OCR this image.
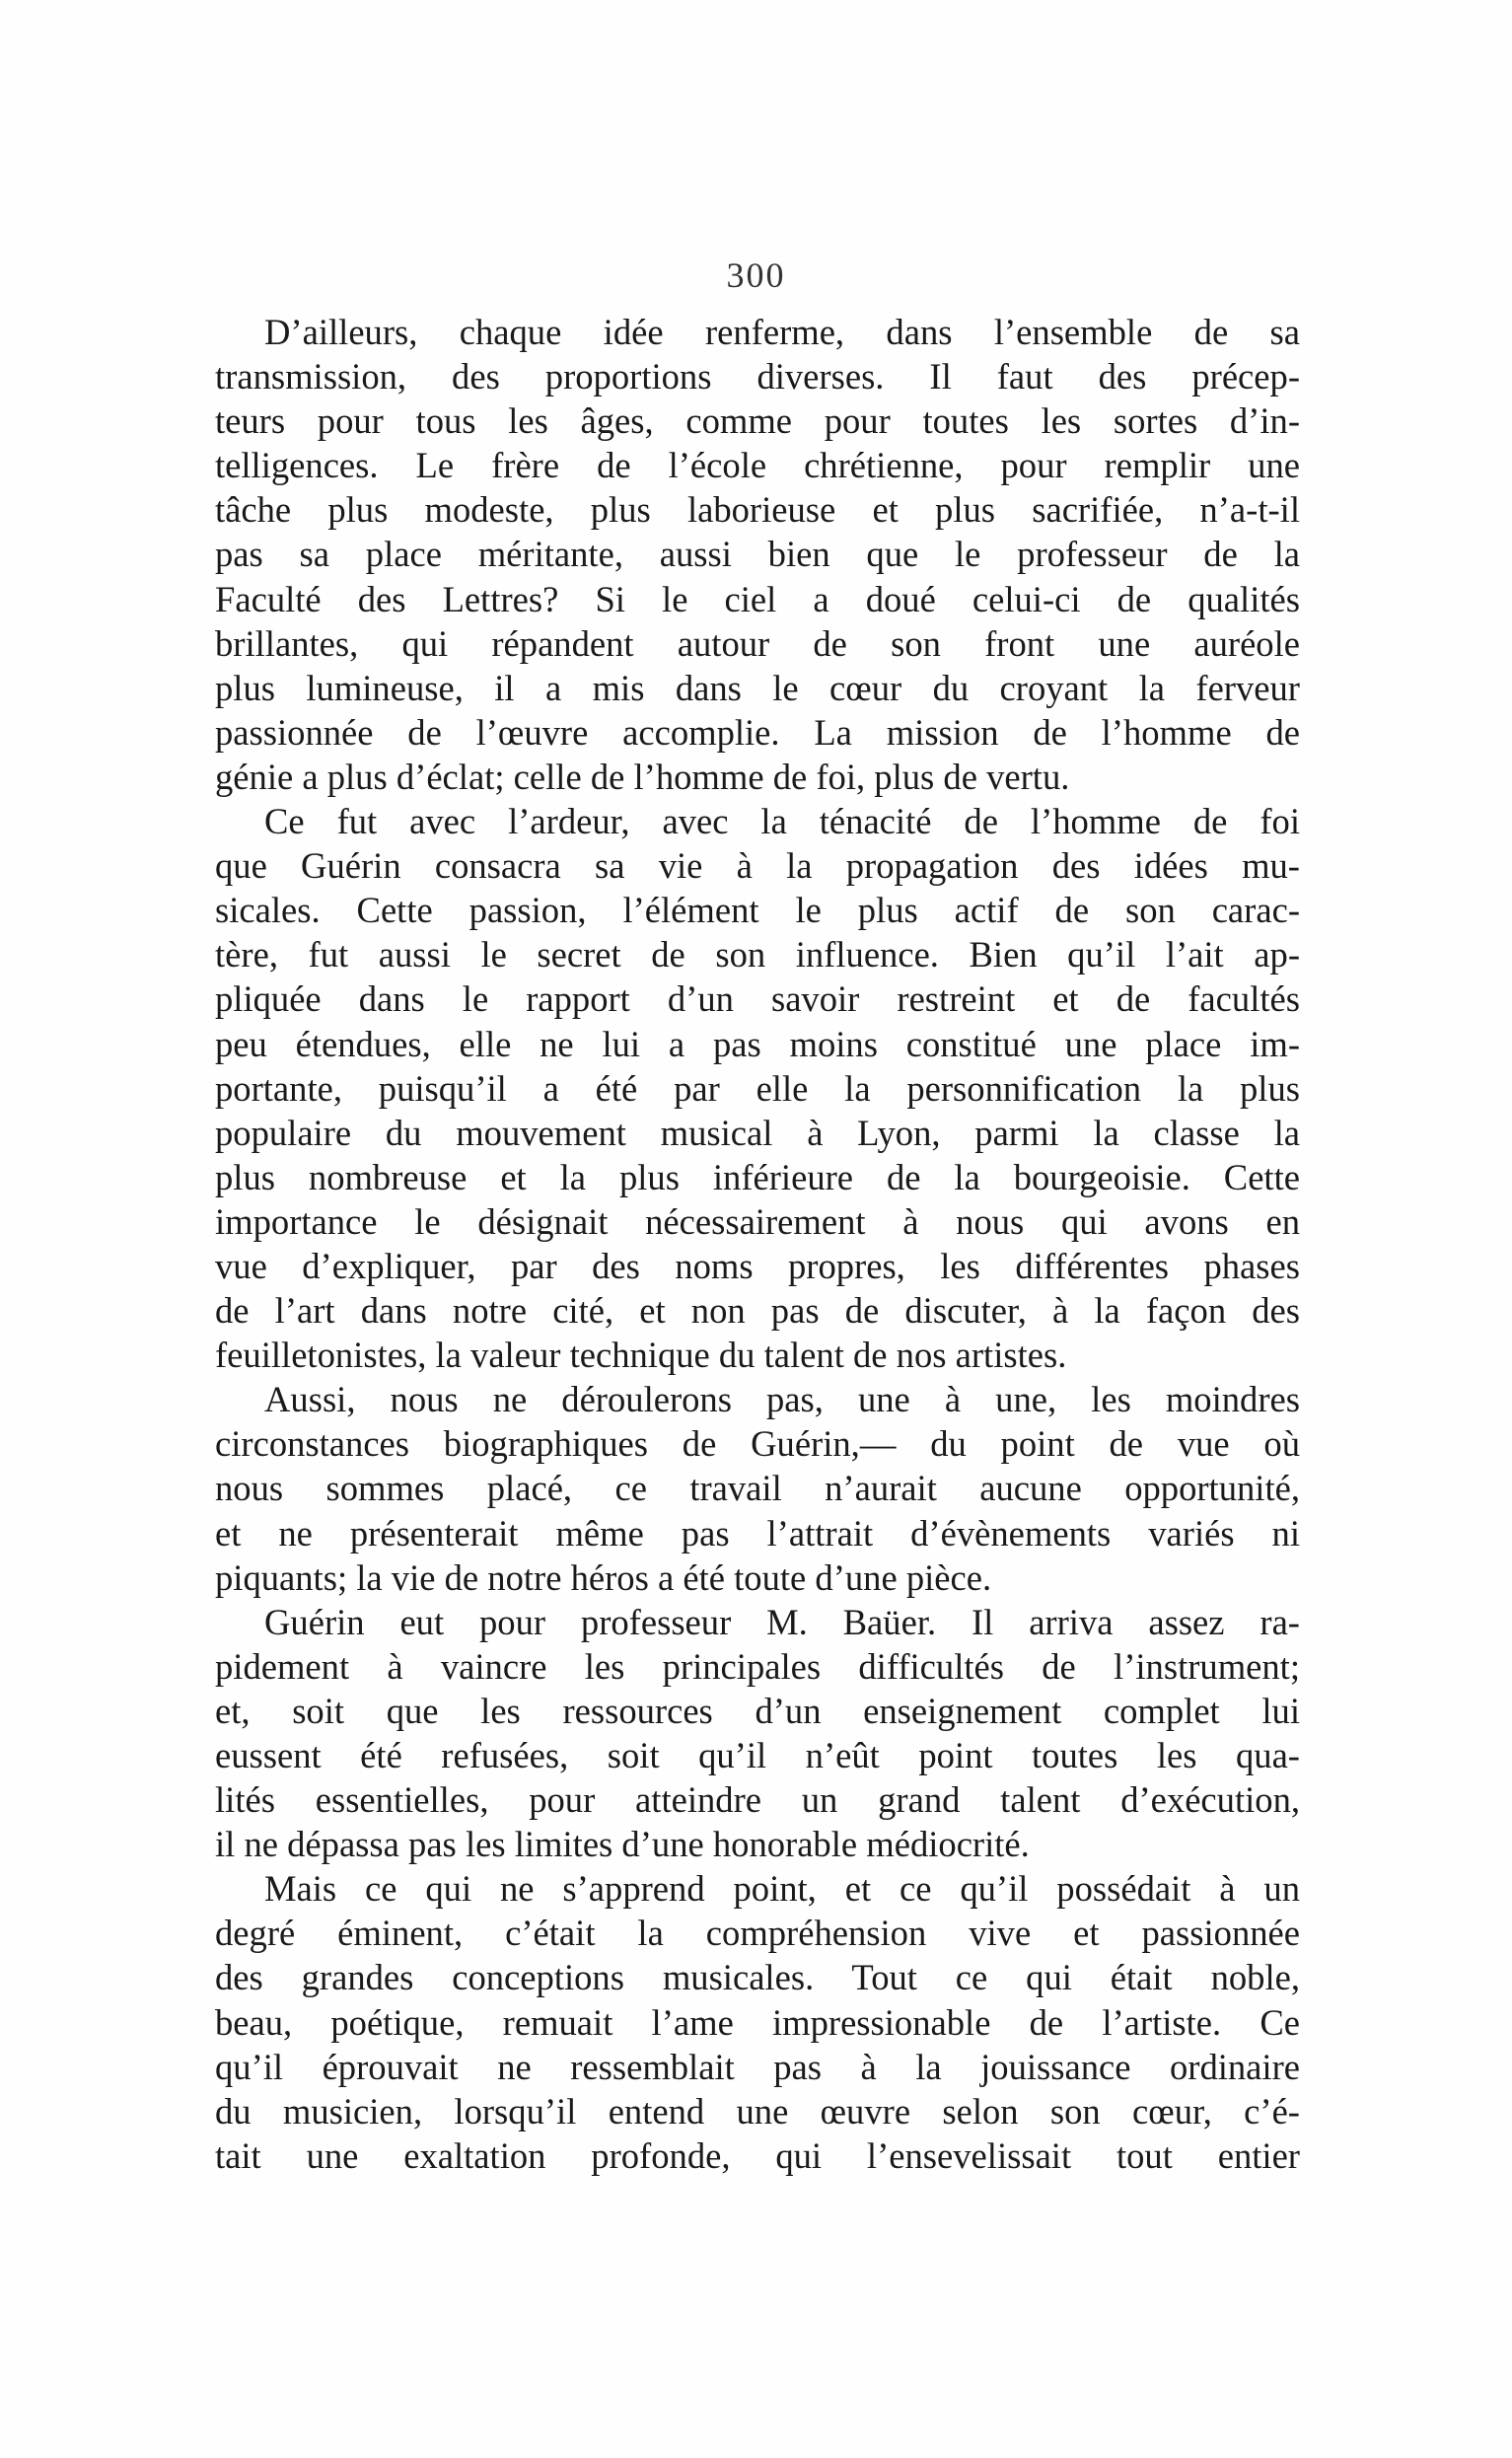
300
D’ailleurs, chaque idée renferme, dans l’ensemble de sa
transmission, des proportions diverses. Il faut des précep-
teurs pour tous les âges, comme pour toutes les sortes d’in-
telligences. Le frère de l’école chrétienne, pour remplir une
tâche plus modeste, plus laborieuse et plus sacrifiée, n’a-t-il
pas sa place méritante, aussi bien que le professeur de la
Faculté des Lettres? Si le ciel a doué celui-ci de qualités
brillantes, qui répandent autour de son front une auréole
plus lumineuse, il a mis dans le cœur du croyant la ferveur
passionnée de l’œuvre accomplie. La mission de l’homme de
génie a plus d’éclat; celle de l’homme de foi, plus de vertu.
Ce fut avec l’ardeur, avec la ténacité de l’homme de foi
que Guérin consacra sa vie à la propagation des idées mu-
sicales. Cette passion, l’élément le plus actif de son carac-
tère, fut aussi le secret de son influence. Bien qu’il l’ait ap-
pliquée dans le rapport d’un savoir restreint et de facultés
peu étendues, elle ne lui a pas moins constitué une place im-
portante, puisqu’il a été par elle la personnification la plus
populaire du mouvement musical à Lyon, parmi la classe la
plus nombreuse et la plus inférieure de la bourgeoisie. Cette
importance le désignait nécessairement à nous qui avons en
vue d’expliquer, par des noms propres, les différentes phases
de l’art dans notre cité, et non pas de discuter, à la façon des
feuilletonistes, la valeur technique du talent de nos artistes.
Aussi, nous ne déroulerons pas, une à une, les moindres
circonstances biographiques de Guérin,— du point de vue où
nous sommes placé, ce travail n’aurait aucune opportunité,
et ne présenterait même pas l’attrait d’évènements variés ni
piquants; la vie de notre héros a été toute d’une pièce.
Guérin eut pour professeur M. Baüer. Il arriva assez ra-
pidement à vaincre les principales difficultés de l’instrument;
et, soit que les ressources d’un enseignement complet lui
eussent été refusées, soit qu’il n’eût point toutes les qua-
lités essentielles, pour atteindre un grand talent d’exécution,
il ne dépassa pas les limites d’une honorable médiocrité.
Mais ce qui ne s’apprend point, et ce qu’il possédait à un
degré éminent, c’était la compréhension vive et passionnée
des grandes conceptions musicales. Tout ce qui était noble,
beau, poétique, remuait l’ame impressionable de l’artiste. Ce
qu’il éprouvait ne ressemblait pas à la jouissance ordinaire
du musicien, lorsqu’il entend une œuvre selon son cœur, c’é-
tait une exaltation profonde, qui l’ensevelissait tout entier
